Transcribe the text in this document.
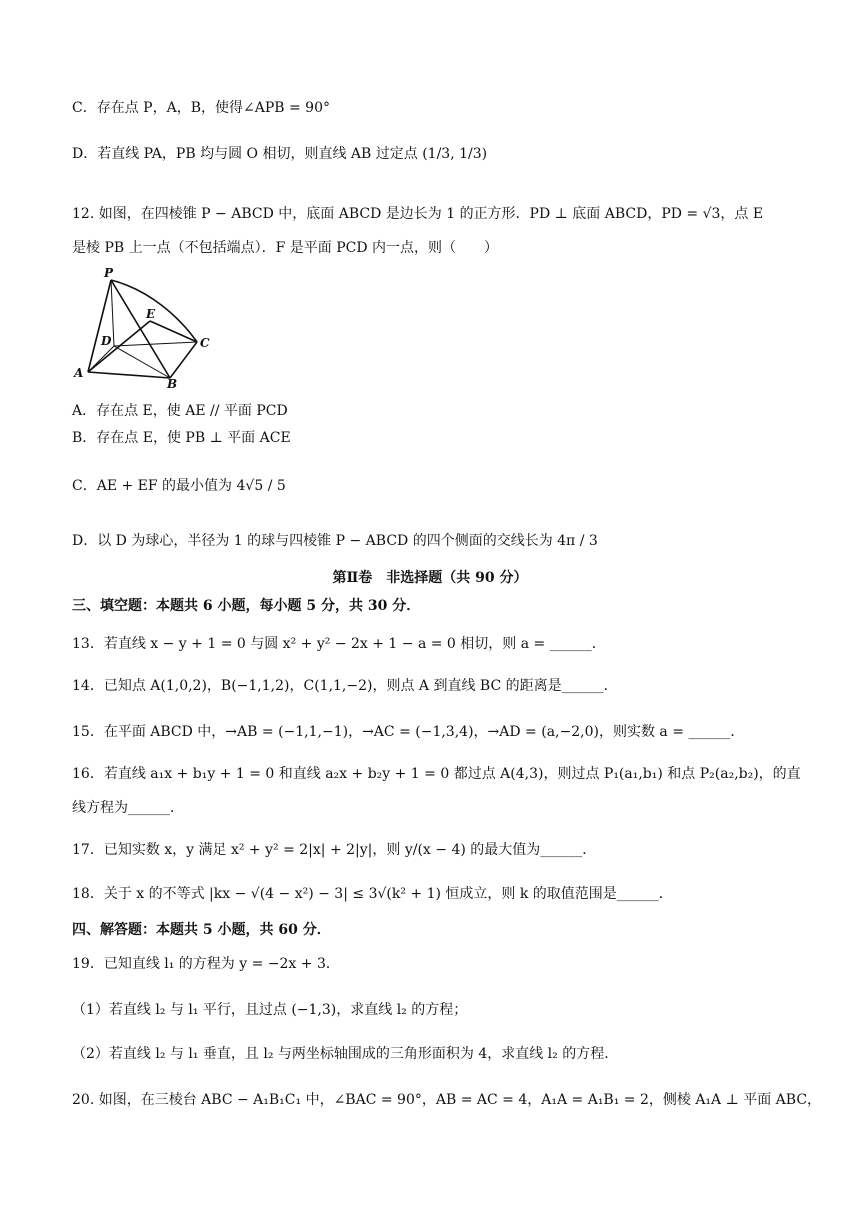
C．存在点 P，A，B，使得∠APB = 90°
D．若直线 PA，PB 均与圆 O 相切，则直线 AB 过定点 (1/3, 1/3)
12. 如图，在四棱锥 P − ABCD 中，底面 ABCD 是边长为 1 的正方形．PD ⊥ 底面 ABCD，PD = √3，点 E
是棱 PB 上一点（不包括端点）．F 是平面 PCD 内一点，则（　　）
P
E
D	C
A
B
A．存在点 E，使 AE // 平面 PCD
B．存在点 E，使 PB ⊥ 平面 ACE
C．AE + EF 的最小值为 4√5 / 5
D．以 D 为球心，半径为 1 的球与四棱锥 P − ABCD 的四个侧面的交线长为 4π / 3
第Ⅱ卷　非选择题（共 90 分）
三、填空题：本题共 6 小题，每小题 5 分，共 30 分．
13．若直线 x − y + 1 = 0 与圆 x² + y² − 2x + 1 − a = 0 相切，则 a = ______．
14．已知点 A(1,0,2)，B(−1,1,2)，C(1,1,−2)，则点 A 到直线 BC 的距离是______．
15．在平面 ABCD 中，→AB = (−1,1,−1)，→AC = (−1,3,4)，→AD = (a,−2,0)，则实数 a = ______．
16．若直线 a₁x + b₁y + 1 = 0 和直线 a₂x + b₂y + 1 = 0 都过点 A(4,3)，则过点 P₁(a₁,b₁) 和点 P₂(a₂,b₂)，的直
线方程为______．
17．已知实数 x，y 满足 x² + y² = 2|x| + 2|y|，则 y/(x − 4) 的最大值为______．
18．关于 x 的不等式 |kx − √(4 − x²) − 3| ≤ 3√(k² + 1) 恒成立，则 k 的取值范围是______．
四、解答题：本题共 5 小题，共 60 分．
19．已知直线 l₁ 的方程为 y = −2x + 3．
（1）若直线 l₂ 与 l₁ 平行，且过点 (−1,3)，求直线 l₂ 的方程；
（2）若直线 l₂ 与 l₁ 垂直，且 l₂ 与两坐标轴围成的三角形面积为 4，求直线 l₂ 的方程．
20. 如图，在三棱台 ABC − A₁B₁C₁ 中，∠BAC = 90°，AB = AC = 4，A₁A = A₁B₁ = 2，侧棱 A₁A ⊥ 平面 ABC，
